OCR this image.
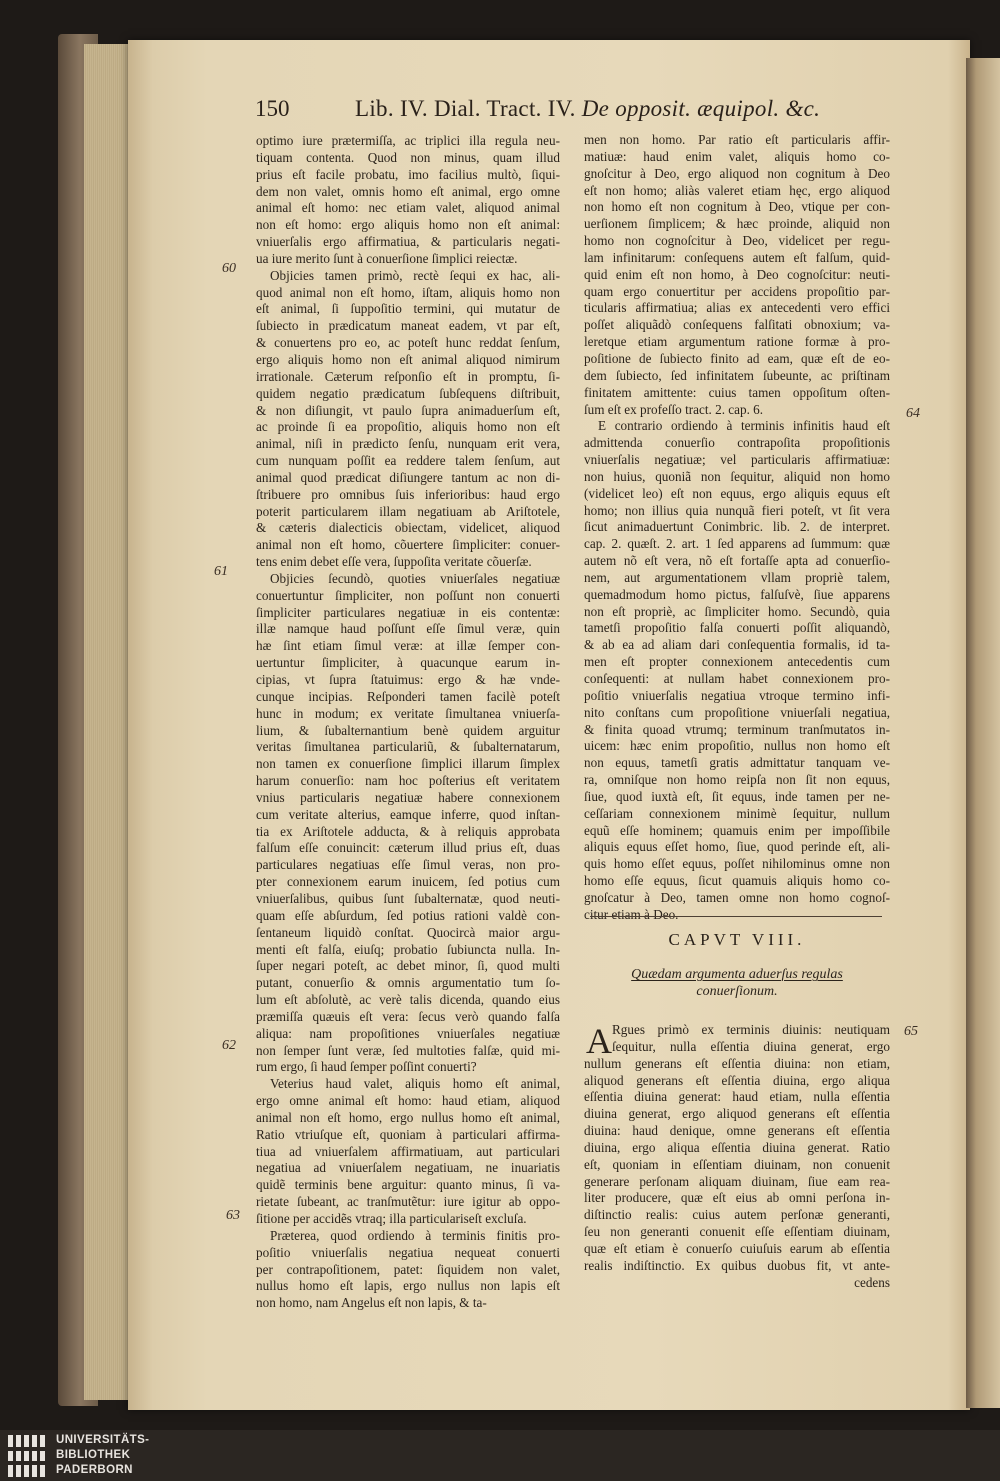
150	Lib. IV. Dial. Tract. IV. De opposit. æquipol. &c.
optimo iure prætermiſſa, ac triplici illa regula neu-
tiquam contenta. Quod non minus, quam illud
prius eſt facile probatu, imo facilius multò, ſiqui-
dem non valet, omnis homo eſt animal, ergo omne
animal eſt homo: nec etiam valet, aliquod animal
non eſt homo: ergo aliquis homo non eſt animal:
vniuerſalis ergo affirmatiua, & particularis negati-
ua iure merito ſunt à conuerſione ſimplici reiectæ.
Objicies tamen primò, rectè ſequi ex hac, ali-
quod animal non eſt homo, iſtam, aliquis homo non
eſt animal, ſi ſuppoſitio termini, qui mutatur de
ſubiecto in prædicatum maneat eadem, vt par eſt,
& conuertens pro eo, ac poteſt hunc reddat ſenſum,
ergo aliquis homo non eſt animal aliquod nimirum
irrationale. Cæterum reſponſio eſt in promptu, ſi-
quidem negatio prædicatum ſubſequens diſtribuit,
& non diſiungit, vt paulo ſupra animaduerſum eſt,
ac proinde ſi ea propoſitio, aliquis homo non eſt
animal, niſi in prædicto ſenſu, nunquam erit vera,
cum nunquam poſſit ea reddere talem ſenſum, aut
animal quod prædicat diſiungere tantum ac non di-
ſtribuere pro omnibus ſuis inferioribus: haud ergo
poterit particularem illam negatiuam ab Ariſtotele,
& cæteris dialecticis obiectam, videlicet, aliquod
animal non eſt homo, cõuertere ſimpliciter: conuer-
tens enim debet eſſe vera, ſuppoſita veritate cõuerſæ.
Objicies ſecundò, quoties vniuerſales negatiuæ
conuertuntur ſimpliciter, non poſſunt non conuerti
ſimpliciter particulares negatiuæ in eis contentæ:
illæ namque haud poſſunt eſſe ſimul veræ, quin
hæ ſint etiam ſimul veræ: at illæ ſemper con-
uertuntur ſimpliciter, à quacunque earum in-
cipias, vt ſupra ſtatuimus: ergo & hæ vnde-
cunque incipias. Reſponderi tamen facilè poteſt
hunc in modum; ex veritate ſimultanea vniuerſa-
lium, & ſubalternantium benè quidem arguitur
veritas ſimultanea particulariũ, & ſubalternatarum,
non tamen ex conuerſione ſimplici illarum ſimplex
harum conuerſio: nam hoc poſterius eſt veritatem
vnius particularis negatiuæ habere connexionem
cum veritate alterius, eamque inferre, quod inſtan-
tia ex Ariſtotele adducta, & à reliquis approbata
falſum eſſe conuincit: cæterum illud prius eſt, duas
particulares negatiuas eſſe ſimul veras, non pro-
pter connexionem earum inuicem, ſed potius cum
vniuerſalibus, quibus ſunt ſubalternatæ, quod neuti-
quam eſſe abſurdum, ſed potius rationi valdè con-
ſentaneum liquidò conſtat. Quocircà maior argu-
menti eſt falſa, eiuſq; probatio ſubiuncta nulla. In-
ſuper negari poteſt, ac debet minor, ſi, quod multi
putant, conuerſio & omnis argumentatio tum ſo-
lum eſt abſolutè, ac verè talis dicenda, quando eius
præmiſſa quæuis eſt vera: ſecus verò quando falſa
aliqua: nam propoſitiones vniuerſales negatiuæ
non ſemper ſunt veræ, ſed multoties falſæ, quid mi-
rum ergo, ſi haud ſemper poſſint conuerti?
Veterius haud valet, aliquis homo eſt animal,
ergo omne animal eſt homo: haud etiam, aliquod
animal non eſt homo, ergo nullus homo eſt animal,
Ratio vtriuſque eſt, quoniam à particulari affirma-
tiua ad vniuerſalem affirmatiuam, aut particulari
negatiua ad vniuerſalem negatiuam, ne inuariatis
quidẽ terminis bene arguitur: quanto minus, ſi va-
rietate ſubeant, ac tranſmutẽtur: iure igitur ab oppo-
ſitione per accidẽs vtraq; illa particulariseſt excluſa.
Præterea, quod ordiendo à terminis finitis pro-
poſitio vniuerſalis negatiua nequeat conuerti
per contrapoſitionem, patet: ſiquidem non valet,
nullus homo eſt lapis, ergo nullus non lapis eſt
non homo, nam Angelus eſt non lapis, & ta-
men non homo. Par ratio eſt particularis affir-
matiuæ: haud enim valet, aliquis homo co-
gnoſcitur à Deo, ergo aliquod non cognitum à Deo
eſt non homo; aliàs valeret etiam hęc, ergo aliquod
non homo eſt non cognitum à Deo, vtique per con-
uerſionem ſimplicem; & hæc proinde, aliquid non
homo non cognoſcitur à Deo, videlicet per regu-
lam infinitarum: conſequens autem eſt falſum, quid-
quid enim eſt non homo, à Deo cognoſcitur: neuti-
quam ergo conuertitur per accidens propoſitio par-
ticularis affirmatiua; alias ex antecedenti vero effici
poſſet aliquãdò conſequens falſitati obnoxium; va-
leretque etiam argumentum ratione formæ à pro-
poſitione de ſubiecto finito ad eam, quæ eſt de eo-
dem ſubiecto, ſed infinitatem ſubeunte, ac priſtinam
finitatem amittente: cuius tamen oppoſitum oſten-
ſum eſt ex profeſſo tract. 2. cap. 6.
E contrario ordiendo à terminis infinitis haud eſt
admittenda conuerſio contrapoſita propoſitionis
vniuerſalis negatiuæ; vel particularis affirmatiuæ:
non huius, quoniã non ſequitur, aliquid non homo
(videlicet leo) eſt non equus, ergo aliquis equus eſt
homo; non illius quia nunquã fieri poteſt, vt ſit vera
ſicut animaduertunt Conimbric. lib. 2. de interpret.
cap. 2. quæſt. 2. art. 1 ſed apparens ad ſummum: quæ
autem nõ eſt vera, nõ eſt fortaſſe apta ad conuerſio-
nem, aut argumentationem vllam propriè talem,
quemadmodum homo pictus, falſuſvè, ſiue apparens
non eſt propriè, ac ſimpliciter homo. Secundò, quia
tametſi propoſitio falſa conuerti poſſit aliquandò,
& ab ea ad aliam dari conſequentia formalis, id ta-
men eſt propter connexionem antecedentis cum
conſequenti: at nullam habet connexionem pro-
poſitio vniuerſalis negatiua vtroque termino infi-
nito conſtans cum propoſitione vniuerſali negatiua,
& finita quoad vtrumq; terminum tranſmutatos in-
uicem: hæc enim propoſitio, nullus non homo eſt
non equus, tametſi gratis admittatur tanquam ve-
ra, omniſque non homo reipſa non ſit non equus,
ſiue, quod iuxtà eſt, ſit equus, inde tamen per ne-
ceſſariam connexionem minimè ſequitur, nullum
equũ eſſe hominem; quamuis enim per impoſſibile
aliquis equus eſſet homo, ſiue, quod perinde eſt, ali-
quis homo eſſet equus, poſſet nihilominus omne non
homo eſſe equus, ſicut quamuis aliquis homo co-
gnoſcatur à Deo, tamen omne non homo cognoſ-
citur etiam à Deo.
60
61
62
63
64
65
CAPVT VIII.
Quædam argumenta aduerſus regulas
conuerſionum.
A Rgues primò ex terminis diuinis: neutiquam
ſequitur, nulla eſſentia diuina generat, ergo
nullum generans eſt eſſentia diuina: non etiam,
aliquod generans eſt eſſentia diuina, ergo aliqua
eſſentia diuina generat: haud etiam, nulla eſſentia
diuina generat, ergo aliquod generans eſt eſſentia
diuina: haud denique, omne generans eſt eſſentia
diuina, ergo aliqua eſſentia diuina generat. Ratio
eſt, quoniam in eſſentiam diuinam, non conuenit
generare perſonam aliquam diuinam, ſiue eam rea-
liter producere, quæ eſt eius ab omni perſona in-
diſtinctio realis: cuius autem perſonæ generanti,
ſeu non generanti conuenit eſſe eſſentiam diuinam,
quæ eſt etiam è conuerſo cuiuſuis earum ab eſſentia
realis indiſtinctio. Ex quibus duobus fit, vt ante-
cedens
UNIVERSITÄTS-
BIBLIOTHEK
PADERBORN
